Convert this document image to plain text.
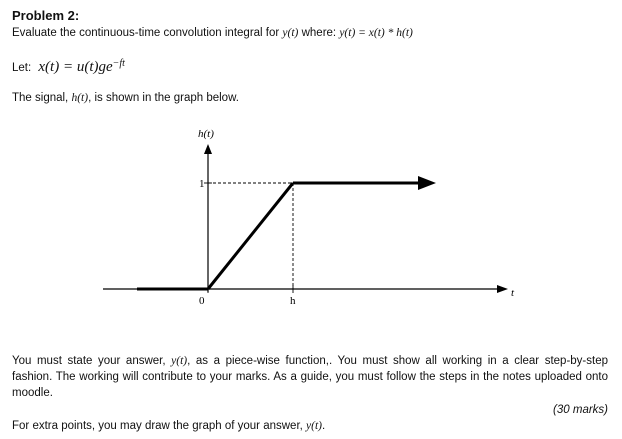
Problem 2:
Evaluate the continuous-time convolution integral for y(t) where: y(t) = x(t) * h(t)
Let: $x(t) = u(t)ge^{-ft}$
The signal, h(t), is shown in the graph below.
h(t)
t
1
0	h
You must state your answer, y(t), as a piece-wise function,. You must show all working in a clear step-by-step fashion. The working will contribute to your marks. As a guide, you must follow the steps in the notes uploaded onto moodle.
(30 marks)
For extra points, you may draw the graph of your answer, y(t).
